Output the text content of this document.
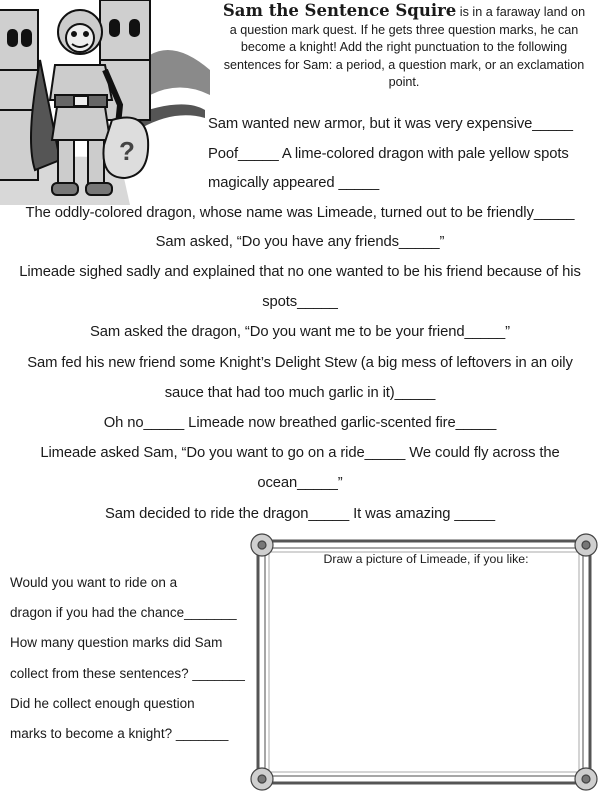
?
Sam the Sentence Squire is in a faraway land on a question mark quest. If he gets three question marks, he can become a knight! Add the right punctuation to the following sentences for Sam: a period, a question mark, or an exclamation point.
Sam wanted new armor, but it was very expensive_____
Poof_____ A lime-colored dragon with pale yellow spots
magically appeared _____
The oddly-colored dragon, whose name was Limeade, turned out to be friendly_____
Sam asked, “Do you have any friends_____”
Limeade sighed sadly and explained that no one wanted to be his friend because of his
spots_____
Sam asked the dragon, “Do you want me to be your friend_____”
Sam fed his new friend some Knight’s Delight Stew (a big mess of leftovers in an oily
sauce that had too much garlic in it)_____
Oh no_____ Limeade now breathed garlic-scented fire_____
Limeade asked Sam, “Do you want to go on a ride_____ We could fly across the
ocean_____”
Sam decided to ride the dragon_____ It was amazing _____
Would you want to ride on a
dragon if you had the chance_______
How many question marks did Sam
collect from these sentences? _______
Did he collect enough question
marks to become a knight? _______
Draw a picture of Limeade, if you like:
